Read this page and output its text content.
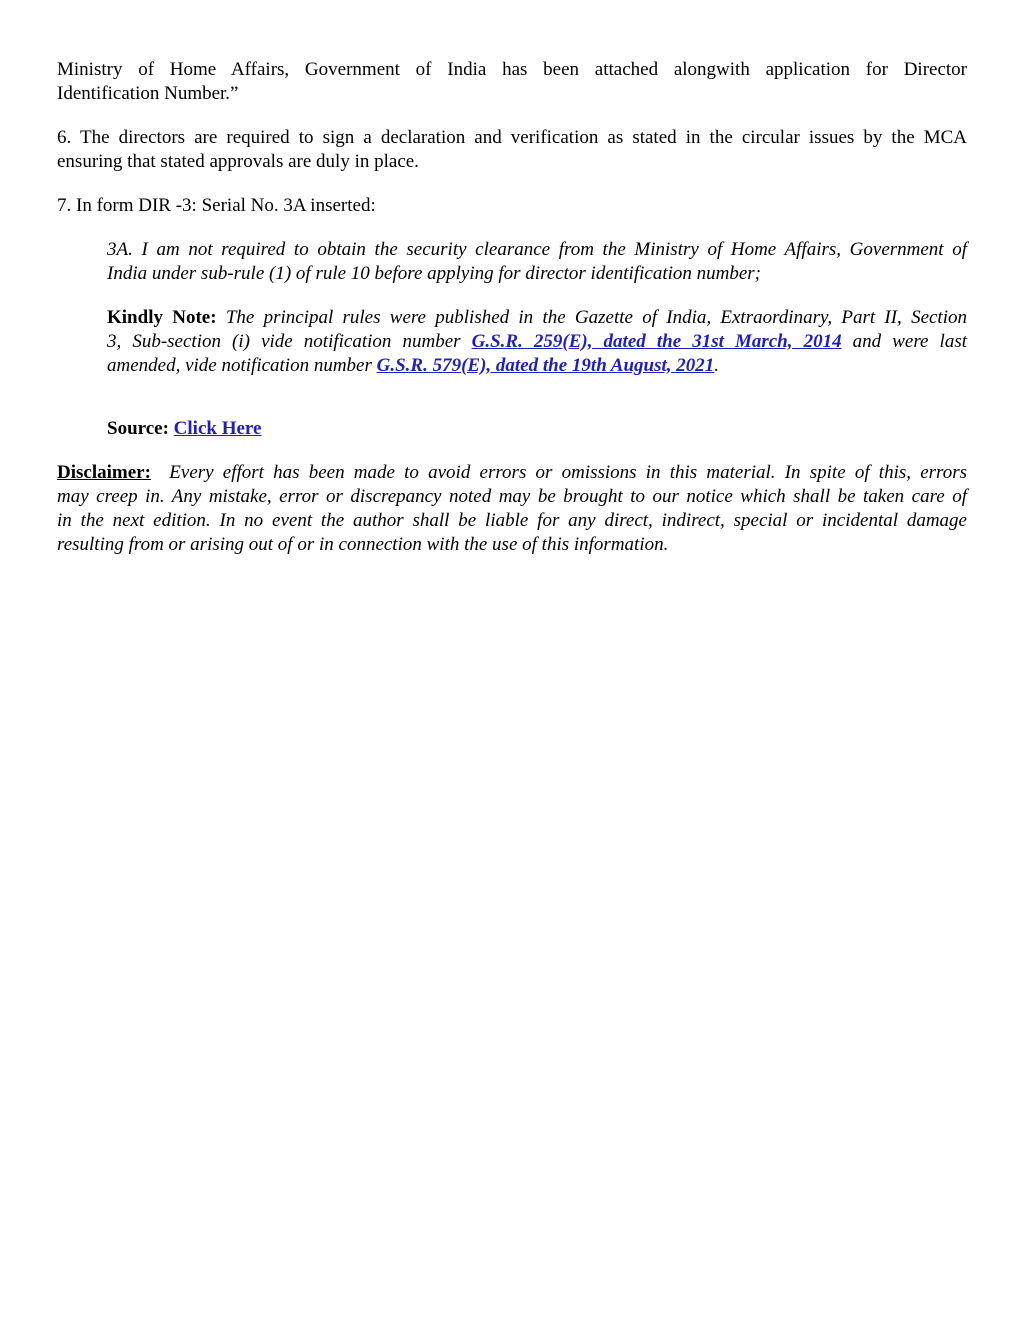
Ministry of Home Affairs, Government of India has been attached alongwith application for Director
Identification Number.”

6. The directors are required to sign a declaration and verification as stated in the circular issues by the MCA
ensuring that stated approvals are duly in place.

7. In form DIR -3: Serial No. 3A inserted:

3A. I am not required to obtain the security clearance from the Ministry of Home Affairs, Government of
India under sub-rule (1) of rule 10 before applying for director identification number;

Kindly Note: The principal rules were published in the Gazette of India, Extraordinary, Part II, Section
3, Sub-section (i) vide notification number G.S.R. 259(E), dated the 31st March, 2014 and were last
amended, vide notification number G.S.R. 579(E), dated the 19th August, 2021.

Source: Click Here

Disclaimer: Every effort has been made to avoid errors or omissions in this material. In spite of this, errors
may creep in. Any mistake, error or discrepancy noted may be brought to our notice which shall be taken care of
in the next edition. In no event the author shall be liable for any direct, indirect, special or incidental damage
resulting from or arising out of or in connection with the use of this information.
